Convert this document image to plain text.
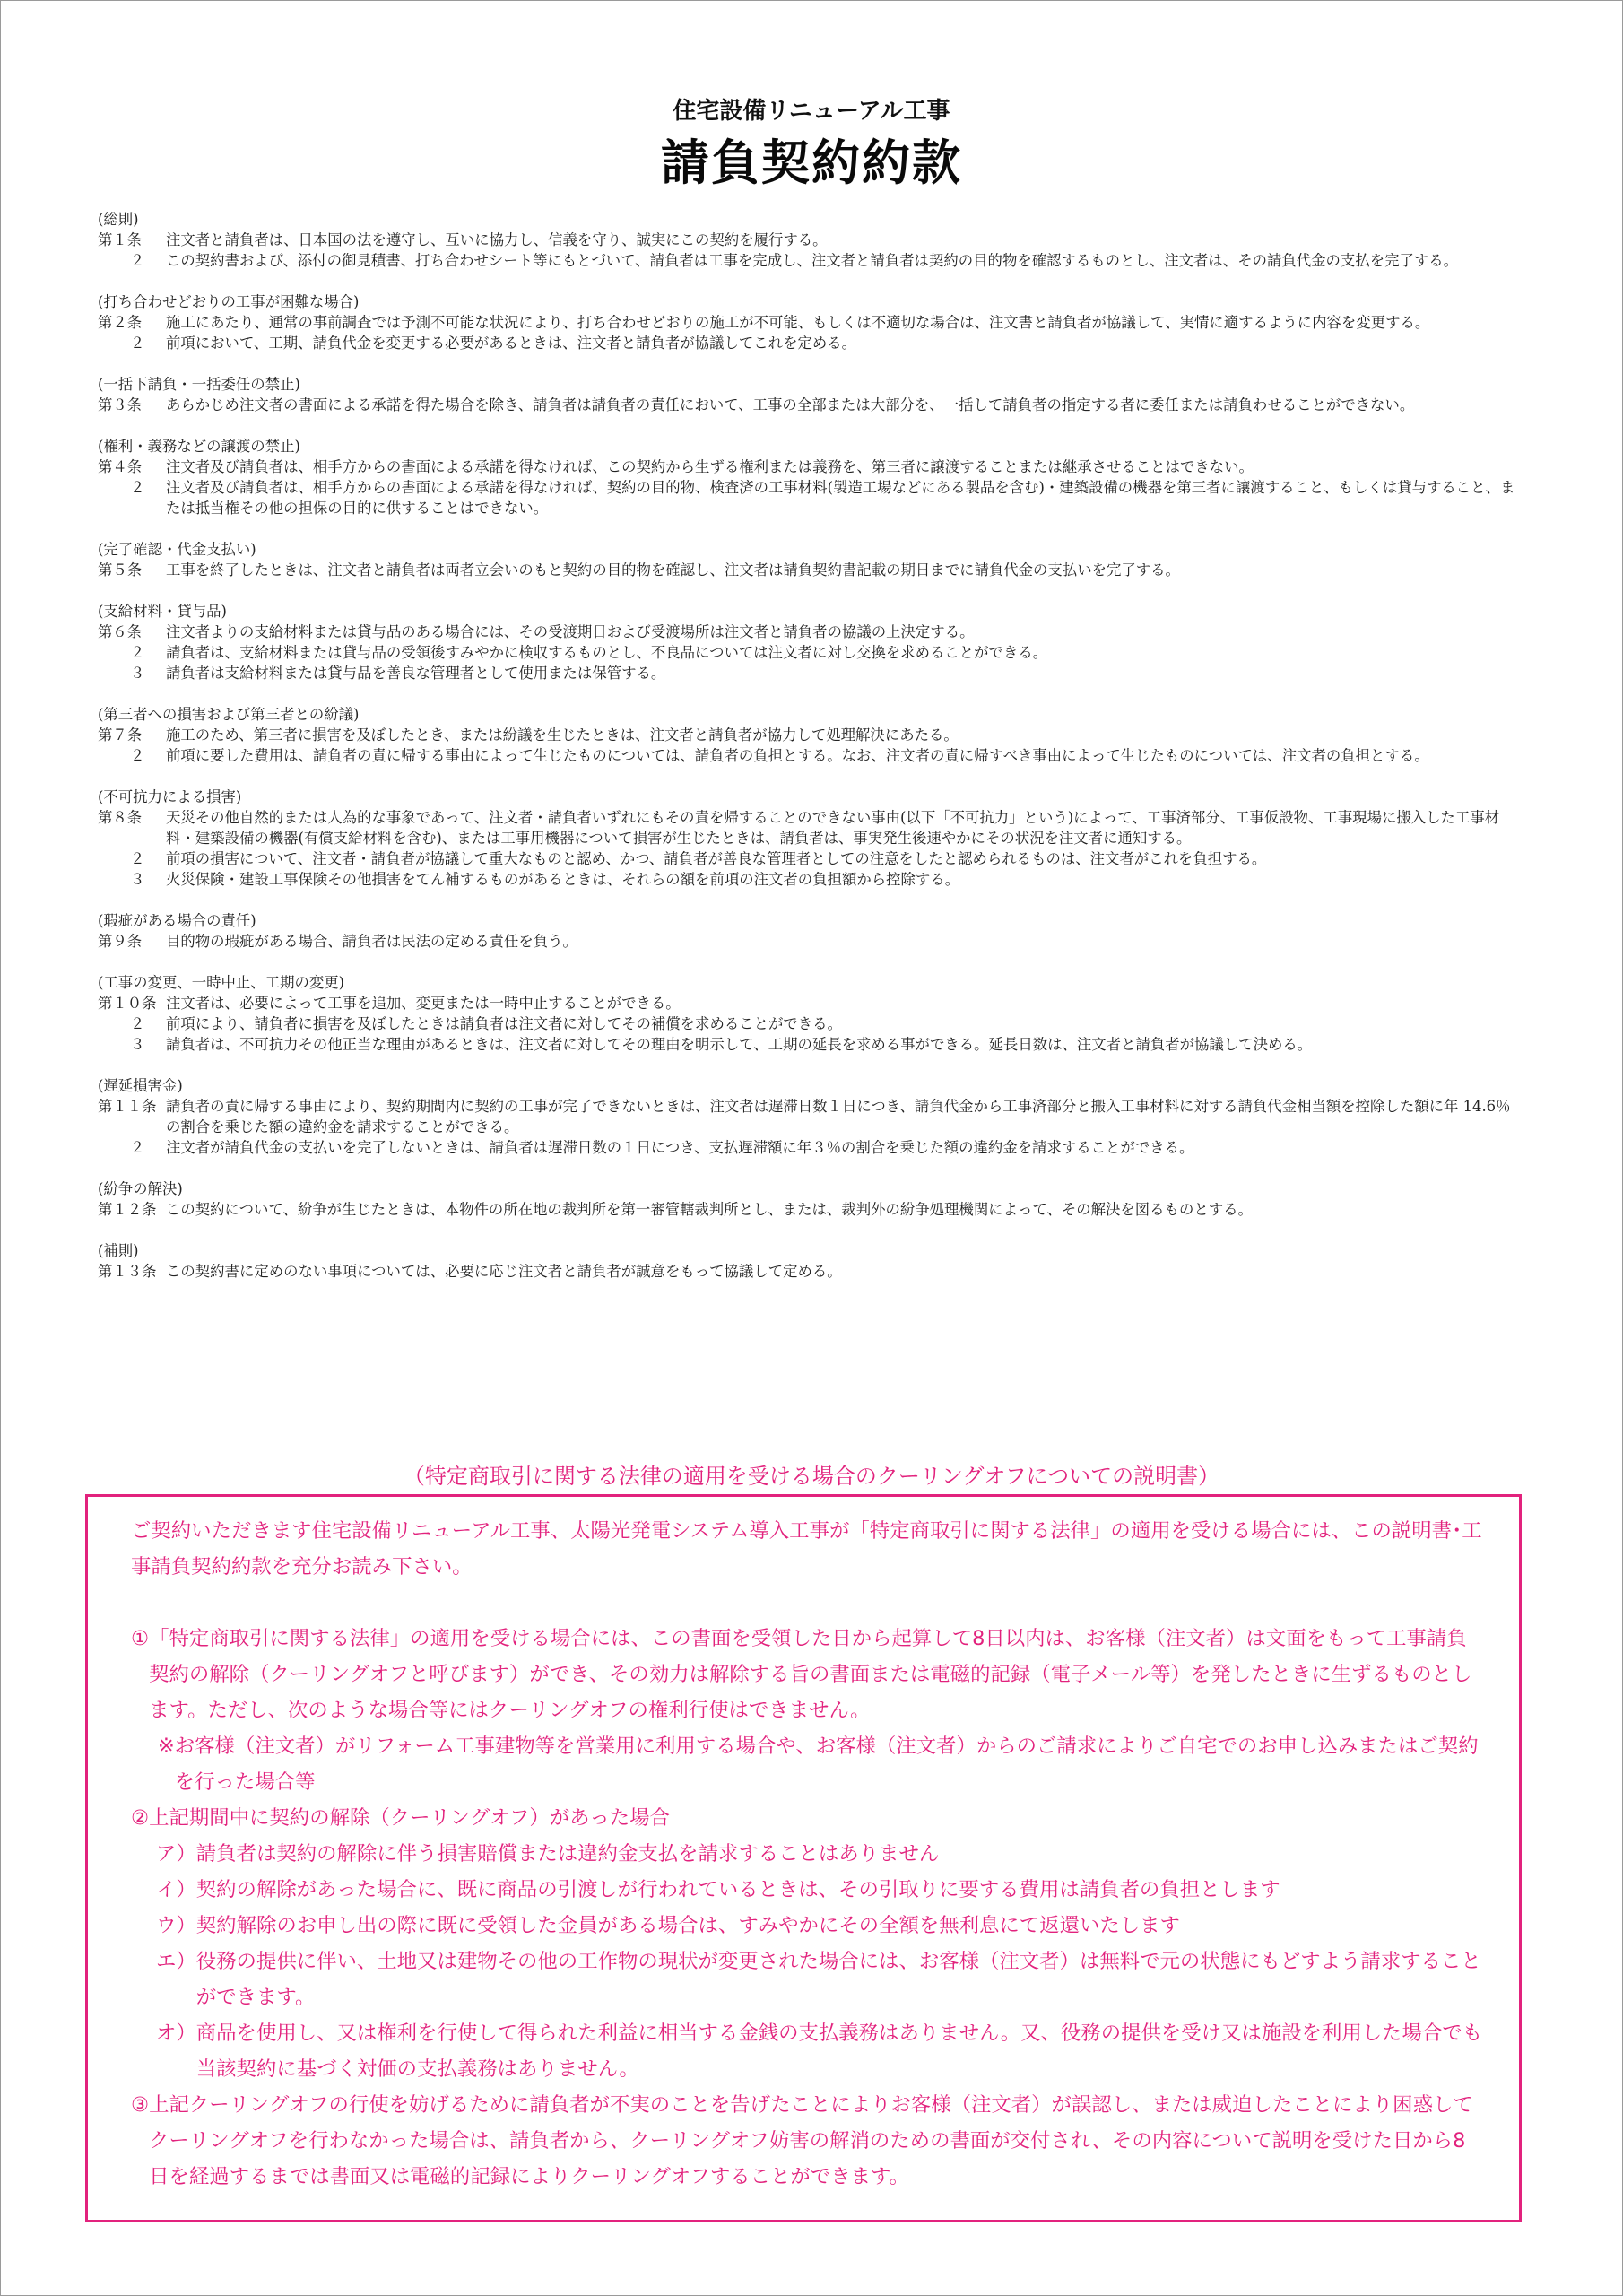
住宅設備リニューアル工事
請負契約約款
(総則)
第１条	注文者と請負者は、日本国の法を遵守し、互いに協力し、信義を守り、誠実にこの契約を履行する。
２	この契約書および、添付の御見積書、打ち合わせシート等にもとづいて、請負者は工事を完成し、注文者と請負者は契約の目的物を確認するものとし、注文者は、その請負代金の支払を完了する。
(打ち合わせどおりの工事が困難な場合)
第２条	施工にあたり、通常の事前調査では予測不可能な状況により、打ち合わせどおりの施工が不可能、もしくは不適切な場合は、注文書と請負者が協議して、実情に適するように内容を変更する。
２	前項において、工期、請負代金を変更する必要があるときは、注文者と請負者が協議してこれを定める。
(一括下請負・一括委任の禁止)
第３条	あらかじめ注文者の書面による承諾を得た場合を除き、請負者は請負者の責任において、工事の全部または大部分を、一括して請負者の指定する者に委任または請負わせることができない。
(権利・義務などの譲渡の禁止)
第４条	注文者及び請負者は、相手方からの書面による承諾を得なければ、この契約から生ずる権利または義務を、第三者に譲渡することまたは継承させることはできない。
２	注文者及び請負者は、相手方からの書面による承諾を得なければ、契約の目的物、検査済の工事材料(製造工場などにある製品を含む)・建築設備の機器を第三者に譲渡すること、もしくは貸与すること、または抵当権その他の担保の目的に供することはできない。
(完了確認・代金支払い)
第５条	工事を終了したときは、注文者と請負者は両者立会いのもと契約の目的物を確認し、注文者は請負契約書記載の期日までに請負代金の支払いを完了する。
(支給材料・貸与品)
第６条	注文者よりの支給材料または貸与品のある場合には、その受渡期日および受渡場所は注文者と請負者の協議の上決定する。
２	請負者は、支給材料または貸与品の受領後すみやかに検収するものとし、不良品については注文者に対し交換を求めることができる。
３	請負者は支給材料または貸与品を善良な管理者として使用または保管する。
(第三者への損害および第三者との紛議)
第７条	施工のため、第三者に損害を及ぼしたとき、または紛議を生じたときは、注文者と請負者が協力して処理解決にあたる。
２	前項に要した費用は、請負者の責に帰する事由によって生じたものについては、請負者の負担とする。なお、注文者の責に帰すべき事由によって生じたものについては、注文者の負担とする。
(不可抗力による損害)
第８条	天災その他自然的または人為的な事象であって、注文者・請負者いずれにもその責を帰することのできない事由(以下「不可抗力」という)によって、工事済部分、工事仮設物、工事現場に搬入した工事材料・建築設備の機器(有償支給材料を含む)、または工事用機器について損害が生じたときは、請負者は、事実発生後速やかにその状況を注文者に通知する。
２	前項の損害について、注文者・請負者が協議して重大なものと認め、かつ、請負者が善良な管理者としての注意をしたと認められるものは、注文者がこれを負担する。
３	火災保険・建設工事保険その他損害をてん補するものがあるときは、それらの額を前項の注文者の負担額から控除する。
(瑕疵がある場合の責任)
第９条	目的物の瑕疵がある場合、請負者は民法の定める責任を負う。
(工事の変更、一時中止、工期の変更)
第１０条 注文者は、必要によって工事を追加、変更または一時中止することができる。
２	前項により、請負者に損害を及ぼしたときは請負者は注文者に対してその補償を求めることができる。
３	請負者は、不可抗力その他正当な理由があるときは、注文者に対してその理由を明示して、工期の延長を求める事ができる。延長日数は、注文者と請負者が協議して決める。
(遅延損害金)
第１１条 請負者の責に帰する事由により、契約期間内に契約の工事が完了できないときは、注文者は遅滞日数１日につき、請負代金から工事済部分と搬入工事材料に対する請負代金相当額を控除した額に年 14.6％の割合を乗じた額の違約金を請求することができる。
２	注文者が請負代金の支払いを完了しないときは、請負者は遅滞日数の１日につき、支払遅滞額に年３％の割合を乗じた額の違約金を請求することができる。
(紛争の解決)
第１２条 この契約について、紛争が生じたときは、本物件の所在地の裁判所を第一審管轄裁判所とし、または、裁判外の紛争処理機関によって、その解決を図るものとする。
(補則)
第１３条 この契約書に定めのない事項については、必要に応じ注文者と請負者が誠意をもって協議して定める。
（特定商取引に関する法律の適用を受ける場合のクーリングオフについての説明書）
ご契約いただきます住宅設備リニューアル工事、太陽光発電システム導入工事が「特定商取引に関する法律」の適用を受ける場合には、この説明書･工事請負契約約款を充分お読み下さい。
① 「特定商取引に関する法律」の適用を受ける場合には、この書面を受領した日から起算して8日以内は、お客様（注文者）は文面をもって工事請負契約の解除（クーリングオフと呼びます）ができ、その効力は解除する旨の書面または電磁的記録（電子メール等）を発したときに生ずるものとします。ただし、次のような場合等にはクーリングオフの権利行使はできません。
※ お客様（注文者）がリフォーム工事建物等を営業用に利用する場合や、お客様（注文者）からのご請求によりご自宅でのお申し込みまたはご契約を行った場合等
② 上記期間中に契約の解除（クーリングオフ）があった場合
ア） 請負者は契約の解除に伴う損害賠償または違約金支払を請求することはありません
イ） 契約の解除があった場合に、既に商品の引渡しが行われているときは、その引取りに要する費用は請負者の負担とします
ウ） 契約解除のお申し出の際に既に受領した金員がある場合は、すみやかにその全額を無利息にて返還いたします
エ） 役務の提供に伴い、土地又は建物その他の工作物の現状が変更された場合には、お客様（注文者）は無料で元の状態にもどすよう請求することができます。
オ） 商品を使用し、又は権利を行使して得られた利益に相当する金銭の支払義務はありません。又、役務の提供を受け又は施設を利用した場合でも当該契約に基づく対価の支払義務はありません。
③ 上記クーリングオフの行使を妨げるために請負者が不実のことを告げたことによりお客様（注文者）が誤認し、または威迫したことにより困惑してクーリングオフを行わなかった場合は、請負者から、クーリングオフ妨害の解消のための書面が交付され、その内容について説明を受けた日から8日を経過するまでは書面又は電磁的記録によりクーリングオフすることができます。
